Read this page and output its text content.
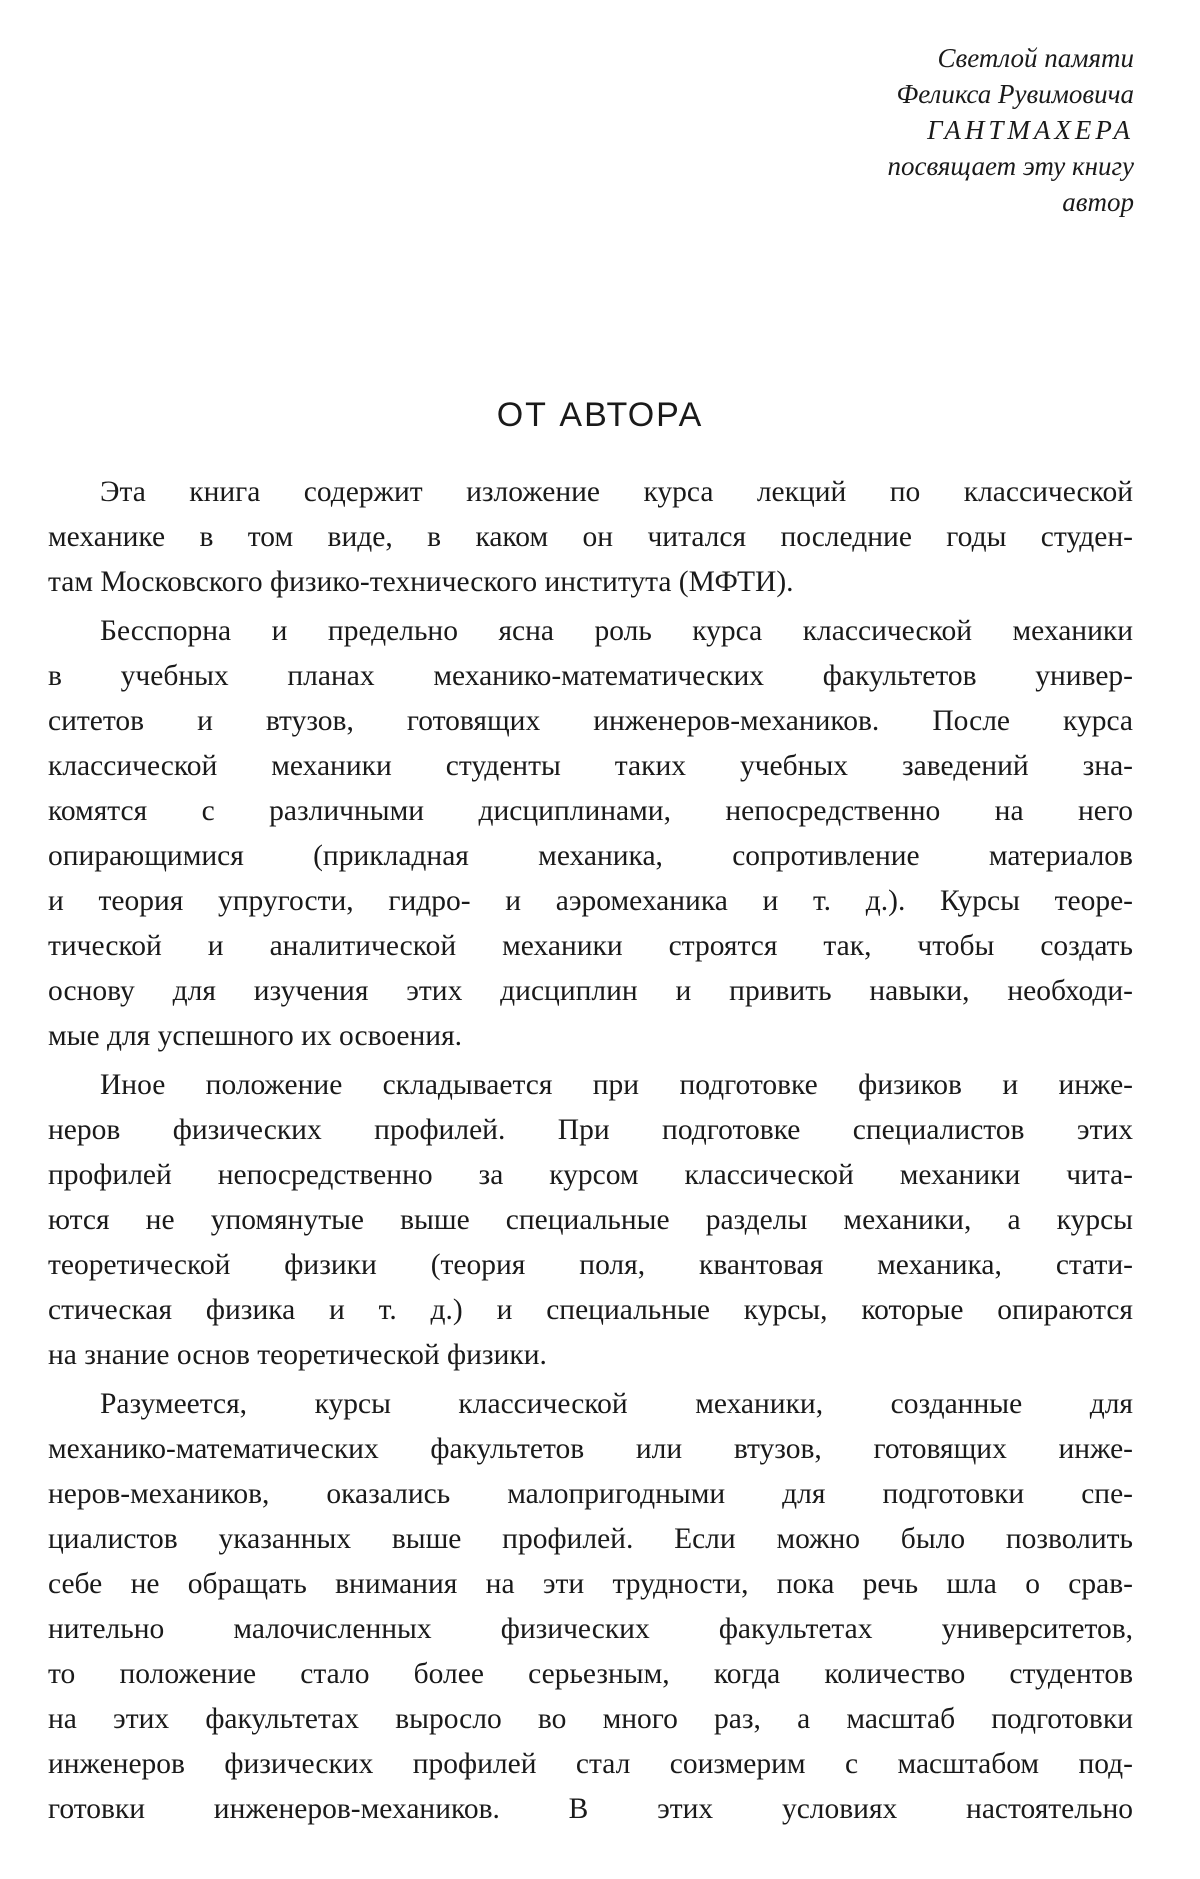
Светлой памяти
Феликса Рувимовича
ГАНТМАХЕРА
посвящает эту книгу
автор
ОТ АВТОРА
Эта книга содержит изложение курса лекций по классической
механике в том виде, в каком он читался последние годы студен-
там Московского физико-технического института (МФТИ).
Бесспорна и предельно ясна роль курса классической механики
в учебных планах механико-математических факультетов универ-
ситетов и втузов, готовящих инженеров-механиков. После курса
классической механики студенты таких учебных заведений зна-
комятся с различными дисциплинами, непосредственно на него
опирающимися (прикладная механика, сопротивление материалов
и теория упругости, гидро- и аэромеханика и т. д.). Курсы теоре-
тической и аналитической механики строятся так, чтобы создать
основу для изучения этих дисциплин и привить навыки, необходи-
мые для успешного их освоения.
Иное положение складывается при подготовке физиков и инже-
неров физических профилей. При подготовке специалистов этих
профилей непосредственно за курсом классической механики чита-
ются не упомянутые выше специальные разделы механики, а курсы
теоретической физики (теория поля, квантовая механика, стати-
стическая физика и т. д.) и специальные курсы, которые опираются
на знание основ теоретической физики.
Разумеется, курсы классической механики, созданные для
механико-математических факультетов или втузов, готовящих инже-
неров-механиков, оказались малопригодными для подготовки спе-
циалистов указанных выше профилей. Если можно было позволить
себе не обращать внимания на эти трудности, пока речь шла о срав-
нительно малочисленных физических факультетах университетов,
то положение стало более серьезным, когда количество студентов
на этих факультетах выросло во много раз, а масштаб подготовки
инженеров физических профилей стал соизмерим с масштабом под-
готовки инженеров-механиков. В этих условиях настоятельно
